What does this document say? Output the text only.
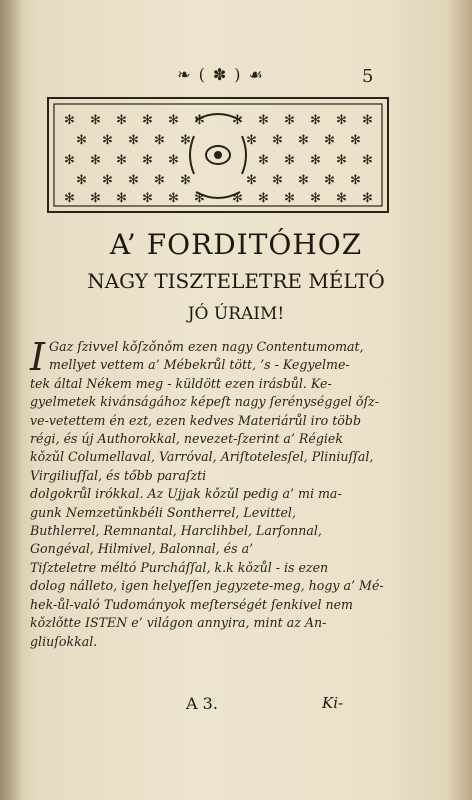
❧ ( ✽ ) ☙	5
✻ ✻ ✻ ✻ ✻ ✻ ✻ ✻ ✻ ✻ ✻ ✻
✻ ✻ ✻ ✻ ✻	✻ ✻ ✻ ✻ ✻
✻ ✻ ✻ ✻ ✻	✻ ✻ ✻ ✻ ✻
✻ ✻ ✻ ✻ ✻	✻ ✻ ✻ ✻ ✻
✻ ✻ ✻ ✻ ✻ ✻ ✻ ✻ ✻ ✻ ✻ ✻
A’ FORDITÓHOZ
NAGY TISZTELETRE MÉLTÓ
JÓ ÚRAIM!
I Gaz ſzivvel kǒſzǒnǒm ezen nagy Contentumomat,
mellyet vettem a’ Mébekrůl tött, ’s - Kegyelme-
tek által Nékem meg - küldött ezen irásbůl. Ke-
gyelmetek kivánságához képeſt nagy ſerénységgel ǒſz-
ve-vetettem én ezt, ezen kedves Materiárůl iro több
régi, és új Authorokkal, nevezet-ſzerint a’ Régiek
kǒzǔl Columellaval, Varróval, Ariſtotelesſel, Pliniuſſal, Virgiliuſſal, és tőbb paraſzti
dolgokrůl irókkal. Az Ujjak kǒzǔl pedig a’ mi ma-
gunk Nemzetǔnkbéli Sontherrel, Levittel,
Buthlerrel, Remnantal, Harclihbel, Larſonnal, Gongéval, Hilmivel, Balonnal, és a’
Tiſzteletre méltó Purcháſſal, k.k kǒzůl - is ezen
dolog nálleto, igen helyeſſen jegyzete-meg, hogy a’ Mé-
hek-ůl-való Tudományok meſterségét ſenkivel nem
kǒzlǒtte ISTEN e’ világon annyira, mint az An-
gliuſokkal.
A 3.	Ki-
